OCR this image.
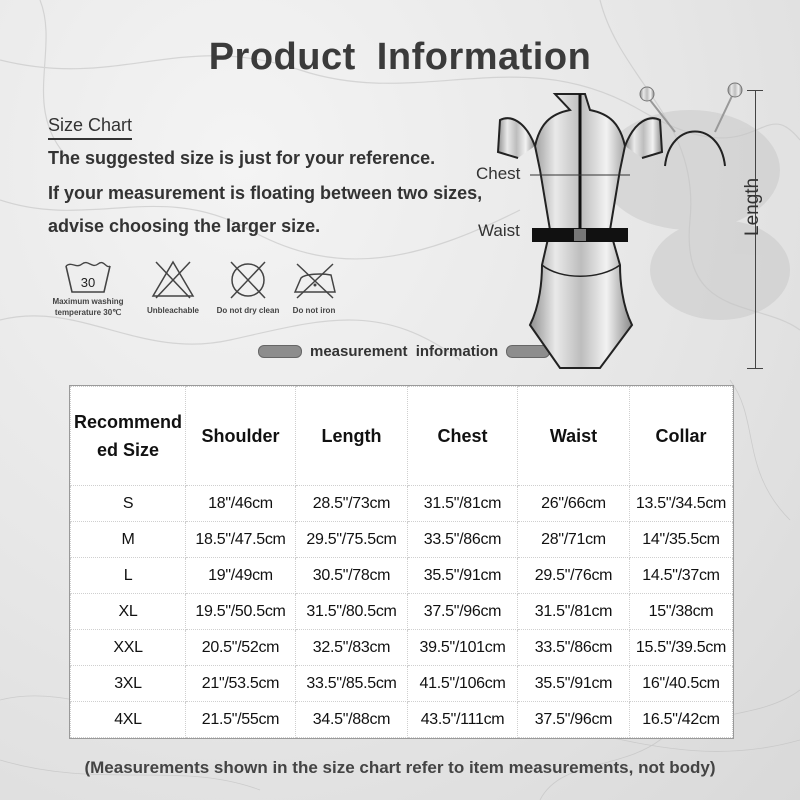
Product Information
Size Chart
The suggested size is just for your reference.
If your measurement is floating between two sizes,
advise choosing the larger size.
30
Maximum washing
temperature 30℃	Unbleachable	Do not dry clean	Do not iron
measurement information
Chest
Waist	Length
Recommended Size	Shoulder	Length	Chest	Waist	Collar
S	18"/46cm	28.5"/73cm	31.5"/81cm	26"/66cm	13.5"/34.5cm
M	18.5"/47.5cm	29.5"/75.5cm	33.5"/86cm	28"/71cm	14"/35.5cm
L	19"/49cm	30.5"/78cm	35.5"/91cm	29.5"/76cm	14.5"/37cm
XL	19.5"/50.5cm	31.5"/80.5cm	37.5"/96cm	31.5"/81cm	15"/38cm
XXL	20.5"/52cm	32.5"/83cm	39.5"/101cm	33.5"/86cm	15.5"/39.5cm
3XL	21"/53.5cm	33.5"/85.5cm	41.5"/106cm	35.5"/91cm	16"/40.5cm
4XL	21.5"/55cm	34.5"/88cm	43.5"/111cm	37.5"/96cm	16.5"/42cm
(Measurements shown in the size chart refer to item measurements, not body)
